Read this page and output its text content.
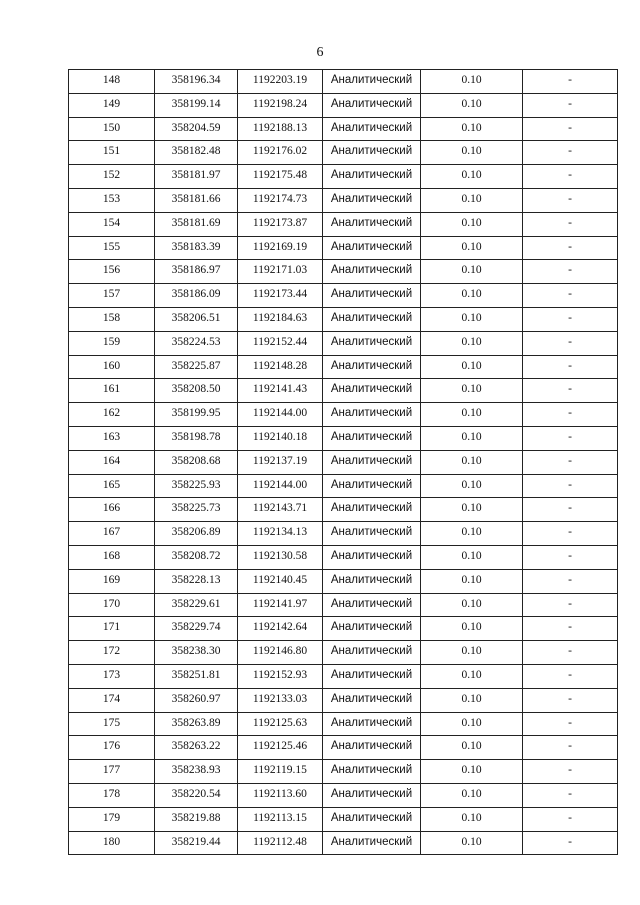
6
148	358196.34	1192203.19	Аналитический	0.10	-

149	358199.14	1192198.24	Аналитический	0.10	-

150	358204.59	1192188.13	Аналитический	0.10	-

151	358182.48	1192176.02	Аналитический	0.10	-

152	358181.97	1192175.48	Аналитический	0.10	-

153	358181.66	1192174.73	Аналитический	0.10	-

154	358181.69	1192173.87	Аналитический	0.10	-

155	358183.39	1192169.19	Аналитический	0.10	-

156	358186.97	1192171.03	Аналитический	0.10	-

157	358186.09	1192173.44	Аналитический	0.10	-

158	358206.51	1192184.63	Аналитический	0.10	-

159	358224.53	1192152.44	Аналитический	0.10	-

160	358225.87	1192148.28	Аналитический	0.10	-

161	358208.50	1192141.43	Аналитический	0.10	-

162	358199.95	1192144.00	Аналитический	0.10	-

163	358198.78	1192140.18	Аналитический	0.10	-

164	358208.68	1192137.19	Аналитический	0.10	-

165	358225.93	1192144.00	Аналитический	0.10	-

166	358225.73	1192143.71	Аналитический	0.10	-

167	358206.89	1192134.13	Аналитический	0.10	-

168	358208.72	1192130.58	Аналитический	0.10	-

169	358228.13	1192140.45	Аналитический	0.10	-

170	358229.61	1192141.97	Аналитический	0.10	-

171	358229.74	1192142.64	Аналитический	0.10	-

172	358238.30	1192146.80	Аналитический	0.10	-

173	358251.81	1192152.93	Аналитический	0.10	-

174	358260.97	1192133.03	Аналитический	0.10	-

175	358263.89	1192125.63	Аналитический	0.10	-

176	358263.22	1192125.46	Аналитический	0.10	-

177	358238.93	1192119.15	Аналитический	0.10	-

178	358220.54	1192113.60	Аналитический	0.10	-

179	358219.88	1192113.15	Аналитический	0.10	-

180	358219.44	1192112.48	Аналитический	0.10	-
